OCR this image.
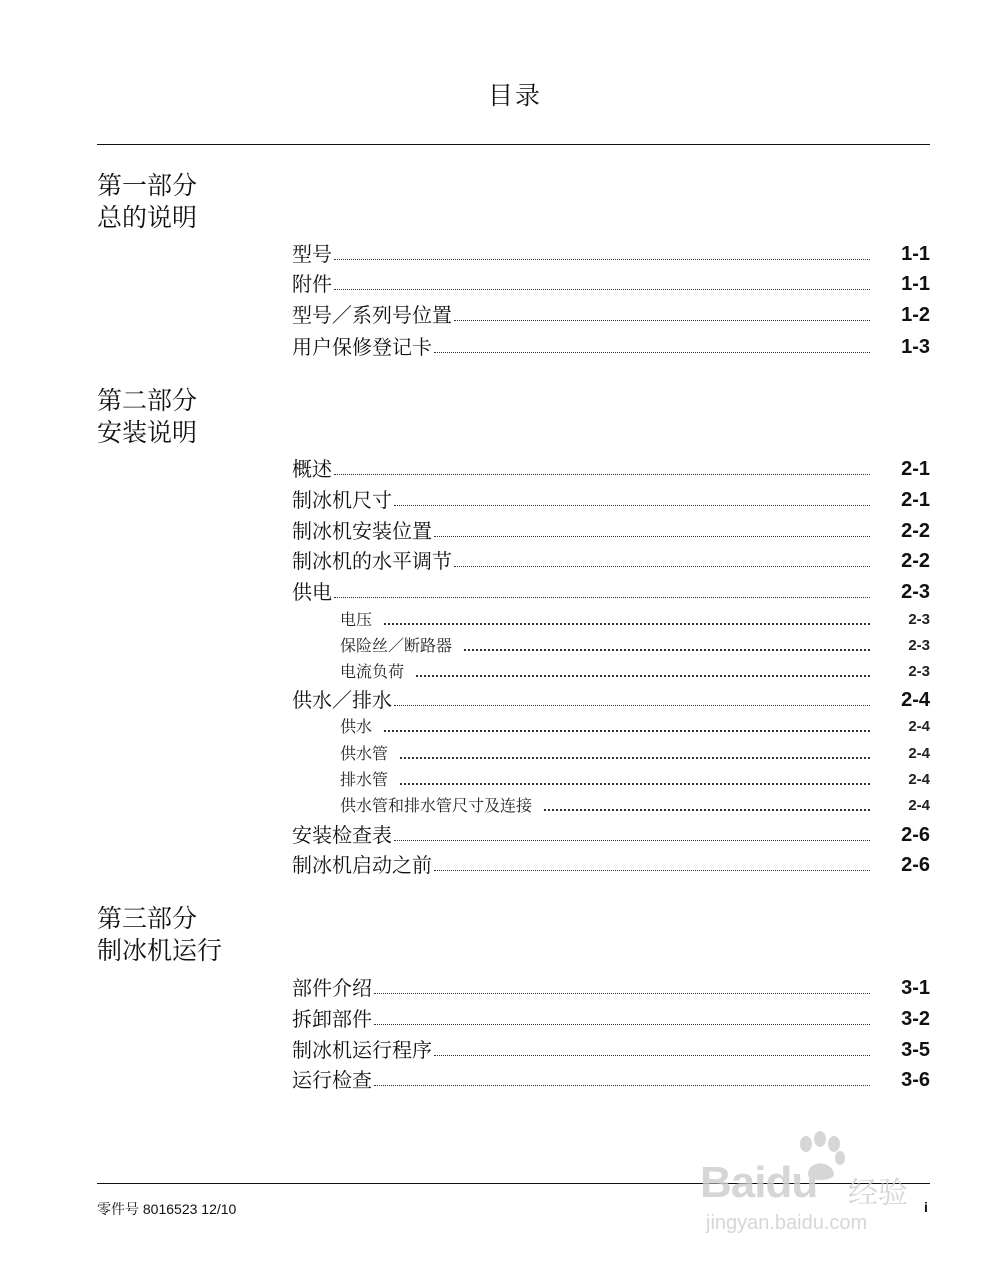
目录
第一部分
总的说明
型号	1-1
附件	1-1
型号／系列号位置	1-2
用户保修登记卡	1-3
第二部分
安装说明
概述	2-1
制冰机尺寸	2-1
制冰机安装位置	2-2
制冰机的水平调节	2-2
供电	2-3
电压	2-3
保险丝／断路器	2-3
电流负荷	2-3
供水／排水	2-4
供水	2-4
供水管	2-4
排水管	2-4
供水管和排水管尺寸及连接	2-4
安装检查表	2-6
制冰机启动之前	2-6
第三部分
制冰机运行
部件介绍	3-1
拆卸部件	3-2
制冰机运行程序	3-5
运行检查	3-6
零件号 8016523 12/10	i
Baidu 经验
jingyan.baidu.com
